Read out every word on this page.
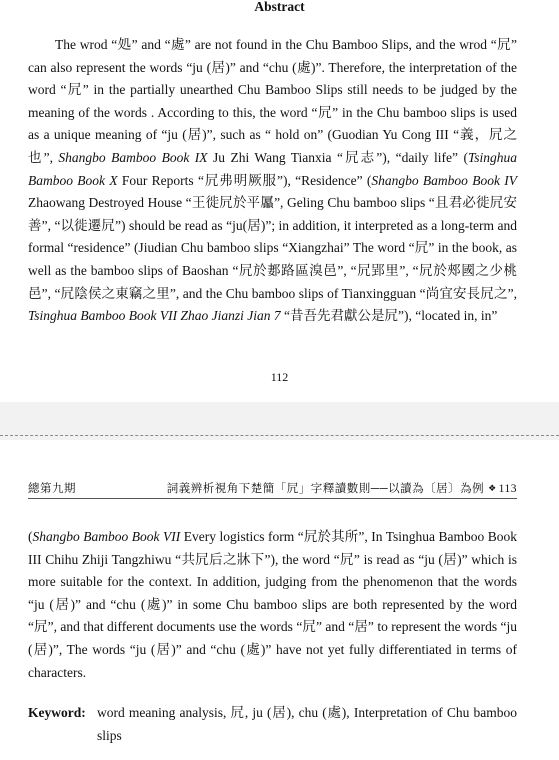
Abstract

The wrod “処” and “處” are not found in the Chu Bamboo Slips, and the wrod “凥” can also represent the words “ju (居)” and “chu (處)”. Therefore, the interpretation of the word “凥” in the partially unearthed Chu Bamboo Slips still needs to be judged by the meaning of the words . According to this, the word “凥” in the Chu bamboo slips is used as a unique meaning of “ju (居)”, such as “ hold on” (Guodian Yu Cong III “義，凥之也”, Shangbo Bamboo Book IX Ju Zhi Wang Tianxia “凥志”), “daily life” (Tsinghua Bamboo Book X Four Reports “凥弗明厥服”), “Residence” (Shangbo Bamboo Book IV Zhaowang Destroyed House “王徙凥於平屭”, Geling Chu bamboo slips “且君必徙凥安善”, “以徙遷凥”) should be read as “ju(居)”; in addition, it interpreted as a long-term and formal “residence” (Jiudian Chu bamboo slips “Xiangzhai” The word “凥” in the book, as well as the bamboo slips of Baoshan “凥於郪路區溴邑”, “凥郢里”, “凥於郟國之少桃邑”, “凥陰侯之東竊之里”, and the Chu bamboo slips of Tianxingguan “尚宜安長凥之”, Tsinghua Bamboo Book VII Zhao Jianzi Jian 7 “昔吾先君獻公是凥”), “located in, in”

112
總第九期	詞義辨析視角下楚簡「凥」字釋讀數則──以讀為〔居〕為例 ❖ 113

(Shangbo Bamboo Book VII Every logistics form “凥於其所”, In Tsinghua Bamboo Book III Chihu Zhiji Tangzhiwu “共凥后之牀下”), the word “凥” is read as “ju (居)” which is more suitable for the context. In addition, judging from the phenomenon that the words “ju (居)” and “chu (處)” in some Chu bamboo slips are both represented by the word “凥”, and that different documents use the words “凥” and “居” to represent the words “ju (居)”, The words “ju (居)” and “chu (處)” have not yet fully differentiated in terms of characters.

Keyword: word meaning analysis, 凥, ju (居), chu (處), Interpretation of Chu bamboo slips
